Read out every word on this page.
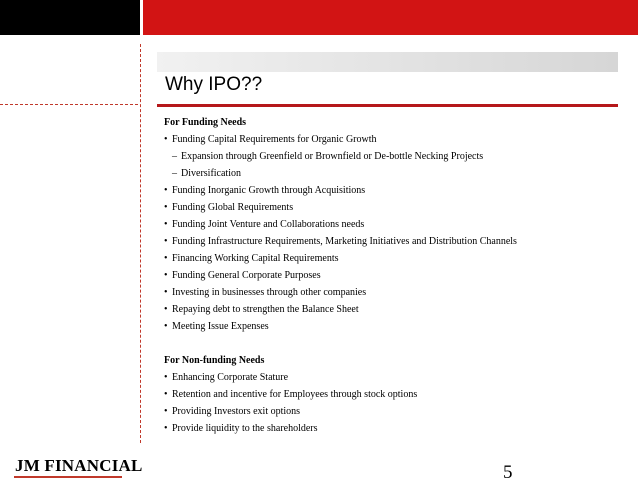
Why IPO??
For Funding Needs
• Funding Capital Requirements for Organic Growth
– Expansion through Greenfield or Brownfield or De-bottle Necking Projects
– Diversification
• Funding Inorganic Growth through Acquisitions
• Funding Global Requirements
• Funding Joint Venture and Collaborations needs
• Funding Infrastructure Requirements, Marketing Initiatives and Distribution Channels
• Financing Working Capital Requirements
• Funding General Corporate Purposes
• Investing in businesses through other companies
• Repaying debt to strengthen the Balance Sheet
• Meeting Issue Expenses
For Non-funding Needs
• Enhancing Corporate Stature
• Retention and incentive for Employees through stock options
• Providing Investors exit options
• Provide liquidity to the shareholders
JM FINANCIAL	5
